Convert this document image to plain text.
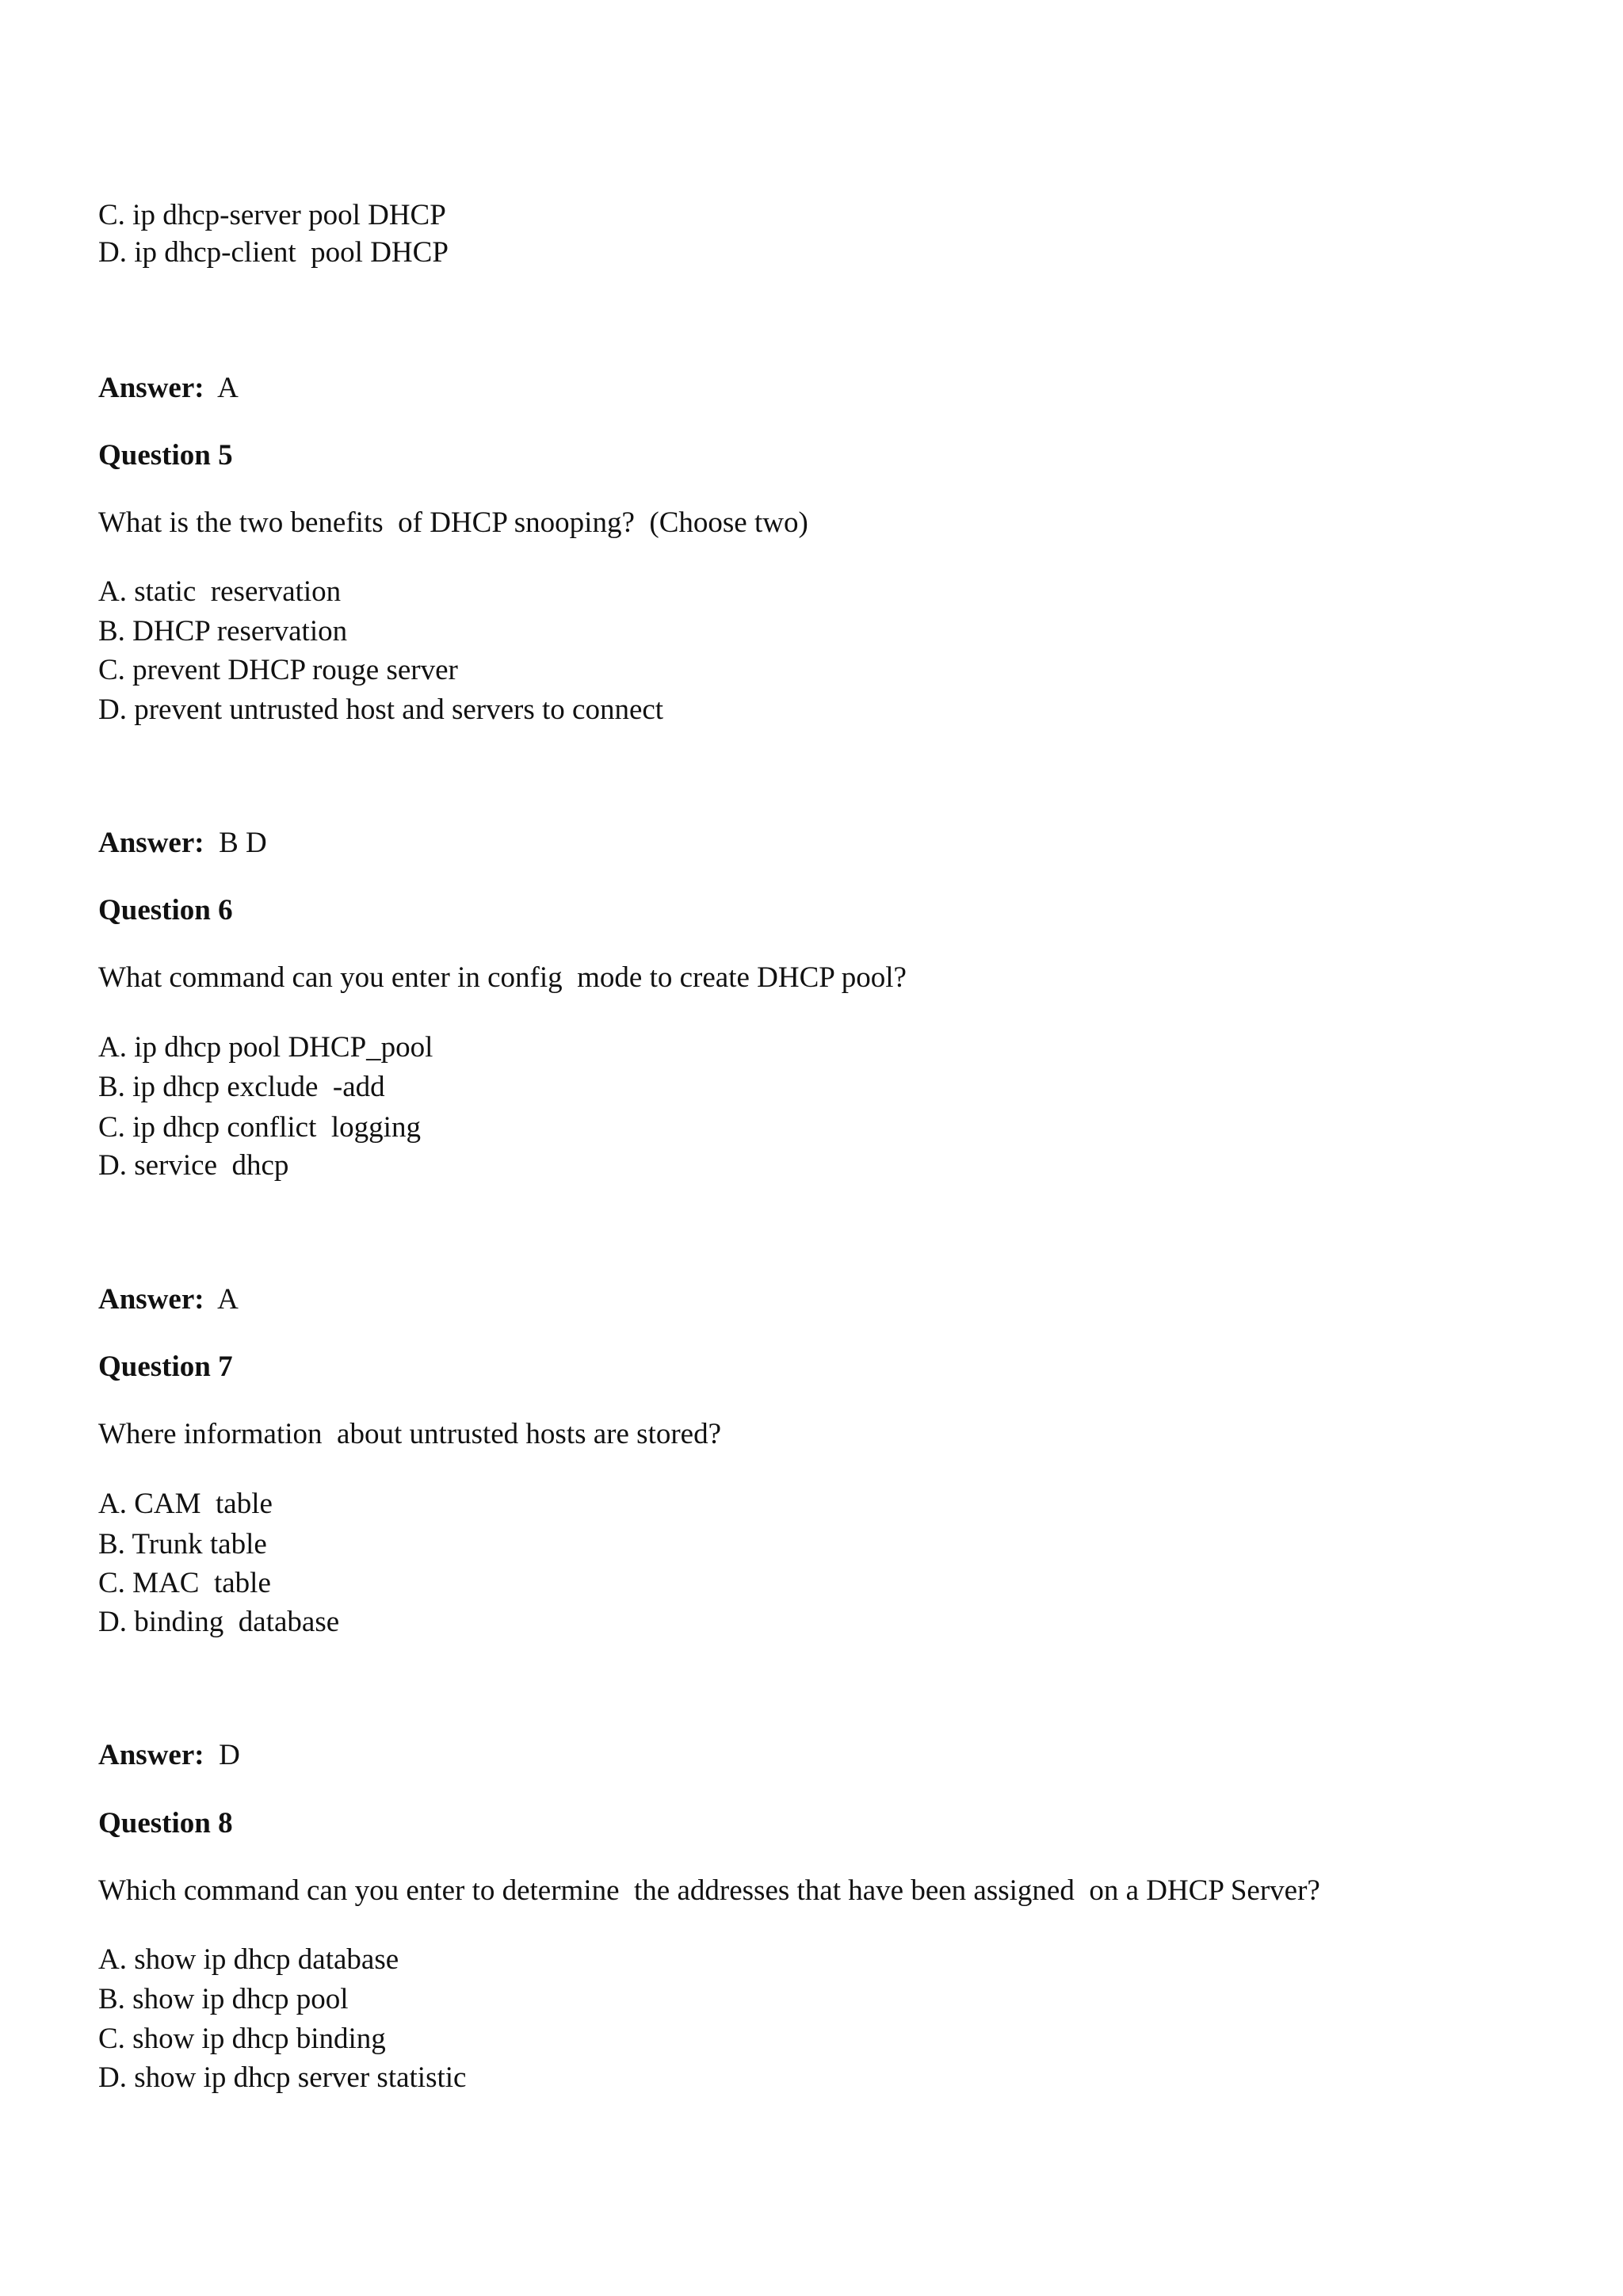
C. ip dhcp-server pool DHCP
D. ip dhcp-client  pool DHCP
Answer: A
Question 5
What is the two benefits  of DHCP snooping?  (Choose two)
A. static  reservation
B. DHCP reservation
C. prevent DHCP rouge server
D. prevent untrusted host and servers to connect
Answer: B D
Question 6
What command can you enter in config  mode to create DHCP pool?
A. ip dhcp pool DHCP_pool
B. ip dhcp exclude  -add
C. ip dhcp conflict  logging
D. service  dhcp
Answer: A
Question 7
Where information  about untrusted hosts are stored?
A. CAM  table
B. Trunk table
C. MAC  table
D. binding  database
Answer: D
Question 8
Which command can you enter to determine  the addresses that have been assigned  on a DHCP Server?
A. show ip dhcp database
B. show ip dhcp pool
C. show ip dhcp binding
D. show ip dhcp server statistic
